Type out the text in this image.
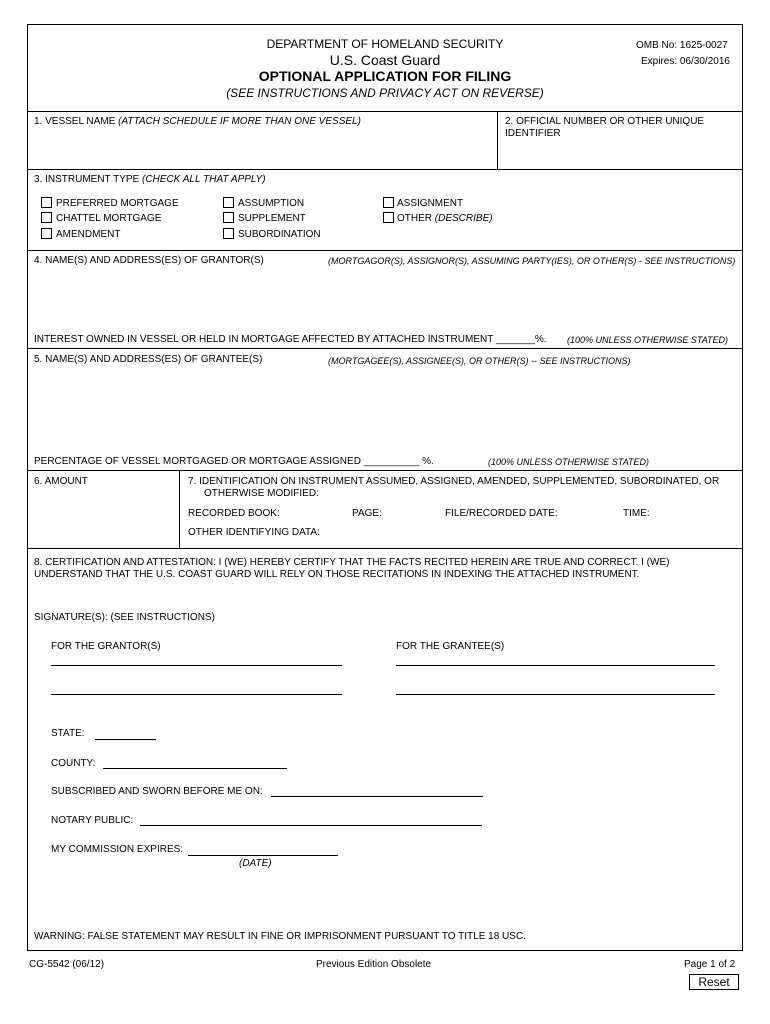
DEPARTMENT OF HOMELAND SECURITY
U.S. Coast Guard
OPTIONAL APPLICATION FOR FILING
(SEE INSTRUCTIONS AND PRIVACY ACT ON REVERSE)
OMB No: 1625-0027
Expires: 06/30/2016
1. VESSEL NAME (ATTACH SCHEDULE IF MORE THAN ONE VESSEL)	2. OFFICIAL NUMBER OR OTHER UNIQUE
IDENTIFIER
3. INSTRUMENT TYPE (CHECK ALL THAT APPLY)
PREFERRED MORTGAGE
CHATTEL MORTGAGE
AMENDMENT
ASSUMPTION
SUPPLEMENT
SUBORDINATION
ASSIGNMENT
OTHER (DESCRIBE)
4. NAME(S) AND ADDRESS(ES) OF GRANTOR(S)	(MORTGAGOR(S), ASSIGNOR(S), ASSUMING PARTY(IES), OR OTHER(S) - SEE INSTRUCTIONS)
INTEREST OWNED IN VESSEL OR HELD IN MORTGAGE AFFECTED BY ATTACHED INSTRUMENT _______%. (100% UNLESS OTHERWISE STATED)
5. NAME(S) AND ADDRESS(ES) OF GRANTEE(S)	(MORTGAGEE(S), ASSIGNEE(S), OR OTHER(S) -- SEE INSTRUCTIONS)
PERCENTAGE OF VESSEL MORTGAGED OR MORTGAGE ASSIGNED __________ %.	(100% UNLESS OTHERWISE STATED)
6. AMOUNT	7. IDENTIFICATION ON INSTRUMENT ASSUMED, ASSIGNED, AMENDED, SUPPLEMENTED, SUBORDINATED, OR
OTHERWISE MODIFIED:
RECORDED BOOK:	PAGE:	FILE/RECORDED DATE:	TIME:
OTHER IDENTIFYING DATA:
8. CERTIFICATION AND ATTESTATION: I (WE) HEREBY CERTIFY THAT THE FACTS RECITED HEREIN ARE TRUE AND CORRECT. I (WE)
UNDERSTAND THAT THE U.S. COAST GUARD WILL RELY ON THOSE RECITATIONS IN INDEXING THE ATTACHED INSTRUMENT.
SIGNATURE(S): (SEE INSTRUCTIONS)
FOR THE GRANTOR(S)	FOR THE GRANTEE(S)
STATE:
COUNTY:
SUBSCRIBED AND SWORN BEFORE ME ON:
NOTARY PUBLIC:
MY COMMISSION EXPIRES:
(DATE)
WARNING: FALSE STATEMENT MAY RESULT IN FINE OR IMPRISONMENT PURSUANT TO TITLE 18 USC.
CG-5542 (06/12)	Previous Edition Obsolete	Page 1 of 2
Reset
